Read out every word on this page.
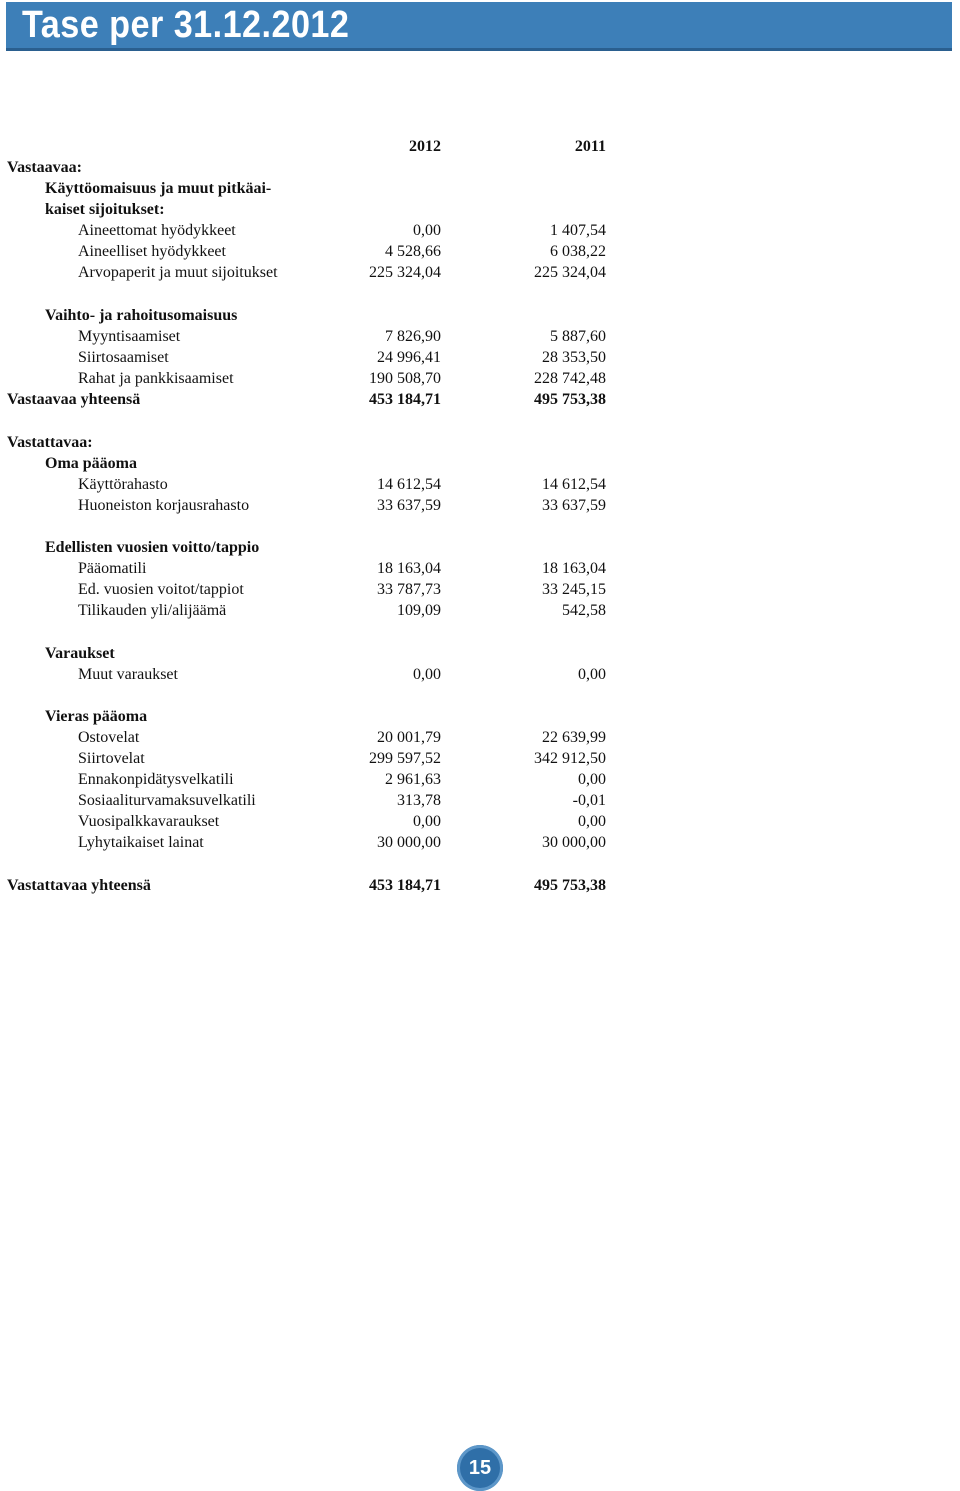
Tase per 31.12.2012
2012	2011
Vastaavaa:
Käyttöomaisuus ja muut pitkäai-
kaiset sijoitukset:
Aineettomat hyödykkeet	0,00	1 407,54
Aineelliset hyödykkeet	4 528,66	6 038,22
Arvopaperit ja muut sijoitukset	225 324,04	225 324,04
Vaihto- ja rahoitusomaisuus
Myyntisaamiset	7 826,90	5 887,60
Siirtosaamiset	24 996,41	28 353,50
Rahat ja pankkisaamiset	190 508,70	228 742,48
Vastaavaa yhteensä	453 184,71	495 753,38
Vastattavaa:
Oma pääoma
Käyttörahasto	14 612,54	14 612,54
Huoneiston korjausrahasto	33 637,59	33 637,59
Edellisten vuosien voitto/tappio
Pääomatili	18 163,04	18 163,04
Ed. vuosien voitot/tappiot	33 787,73	33 245,15
Tilikauden yli/alijäämä	109,09	542,58
Varaukset
Muut varaukset	0,00	0,00
Vieras pääoma
Ostovelat	20 001,79	22 639,99
Siirtovelat	299 597,52	342 912,50
Ennakonpidätysvelkatili	2 961,63	0,00
Sosiaaliturvamaksuvelkatili	313,78	-0,01
Vuosipalkkavaraukset	0,00	0,00
Lyhytaikaiset lainat	30 000,00	30 000,00
Vastattavaa yhteensä	453 184,71	495 753,38
15
